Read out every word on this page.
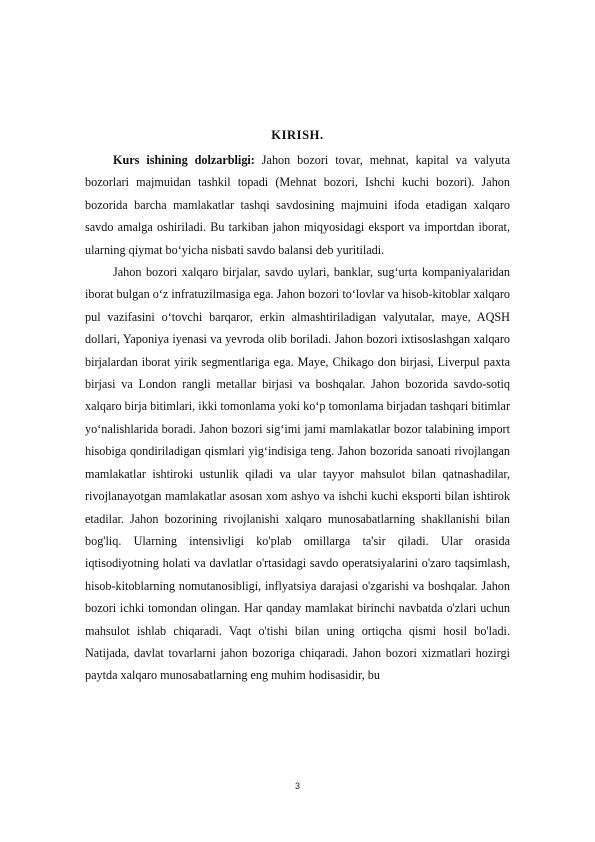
KIRISH.

Kurs ishining dolzarbligi: Jahon bozori tovar, mehnat, kapital va valyuta bozorlari majmuidan tashkil topadi (Mehnat bozori, Ishchi kuchi bozori). Jahon bozorida barcha mamlakatlar tashqi savdosining majmuini ifoda etadigan xalqaro savdo amalga oshiriladi. Bu tarkiban jahon miqyosidagi eksport va importdan iborat, ularning qiymat boʻyicha nisbati savdo balansi deb yuritiladi.

Jahon bozori xalqaro birjalar, savdo uylari, banklar, sugʻurta kompaniyalaridan iborat bulgan oʻz infratuzilmasiga ega. Jahon bozori toʻlovlar va hisob-kitoblar xalqaro pul vazifasini oʻtovchi barqaror, erkin almashtiriladigan valyutalar, maye, AQSH dollari, Yaponiya iyenasi va yevroda olib boriladi. Jahon bozori ixtisoslashgan xalqaro birjalardan iborat yirik segmentlariga ega. Maye, Chikago don birjasi, Liverpul paxta birjasi va London rangli metallar birjasi va boshqalar. Jahon bozorida savdo-sotiq xalqaro birja bitimlari, ikki tomonlama yoki koʻp tomonlama birjadan tashqari bitimlar yoʻnalishlarida boradi. Jahon bozori sigʻimi jami mamlakatlar bozor talabining import hisobiga qondiriladigan qismlari yigʻindisiga teng. Jahon bozorida sanoati rivojlangan mamlakatlar ishtiroki ustunlik qiladi va ular tayyor mahsulot bilan qatnashadilar, rivojlanayotgan mamlakatlar asosan xom ashyo va ishchi kuchi eksporti bilan ishtirok etadilar. Jahon bozorining rivojlanishi xalqaro munosabatlarning shakllanishi bilan bog'liq. Ularning intensivligi ko'plab omillarga ta'sir qiladi. Ular orasida iqtisodiyotning holati va davlatlar o'rtasidagi savdo operatsiyalarini o'zaro taqsimlash, hisob-kitoblarning nomutanosibligi, inflyatsiya darajasi o'zgarishi va boshqalar. Jahon bozori ichki tomondan olingan. Har qanday mamlakat birinchi navbatda o'zlari uchun mahsulot ishlab chiqaradi. Vaqt o'tishi bilan uning ortiqcha qismi hosil bo'ladi. Natijada, davlat tovarlarni jahon bozoriga chiqaradi. Jahon bozori xizmatlari hozirgi paytda xalqaro munosabatlarning eng muhim hodisasidir, bu

3
